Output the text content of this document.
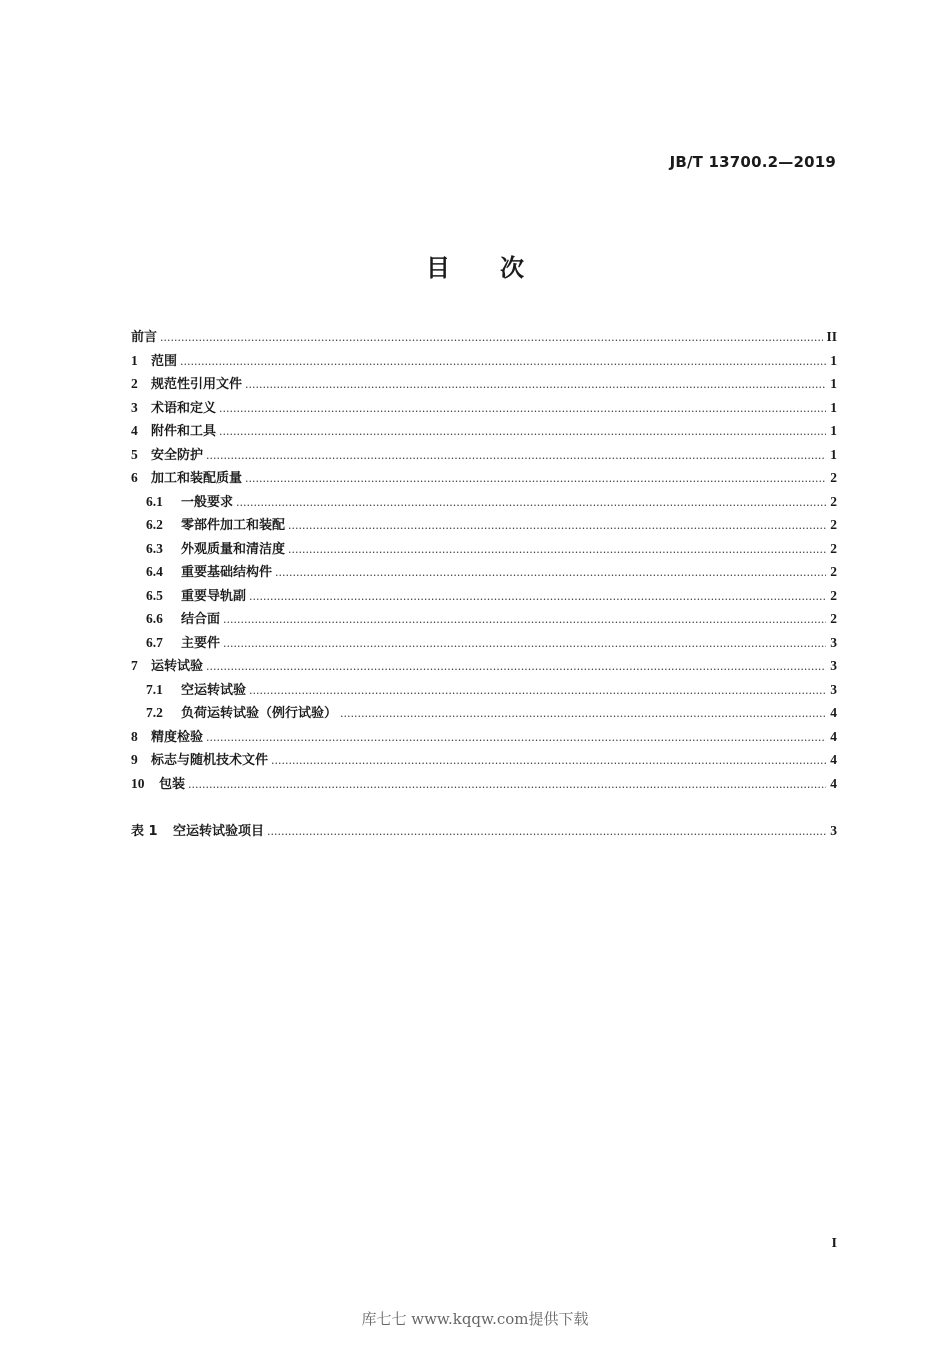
JB/T 13700.2—2019
目 次
前言 .....	II
1	范围 .....	1
2	规范性引用文件 .....	1
3	术语和定义 .....	1
4	附件和工具 .....	1
5	安全防护 .....	1
6	加工和装配质量 .....	2
6.1	一般要求 .....	2
6.2	零部件加工和装配 .....	2
6.3	外观质量和清洁度 .....	2
6.4	重要基础结构件 .....	2
6.5	重要导轨副 .....	2
6.6	结合面 .....	2
6.7	主要件 .....	3
7	运转试验 .....	3
7.1	空运转试验 .....	3
7.2	负荷运转试验（例行试验） .....	4
8	精度检验 .....	4
9	标志与随机技术文件 .....	4
10	包装 .....	4
表 1	空运转试验项目 .....	3
I
库七七 www.kqqw.com提供下载
